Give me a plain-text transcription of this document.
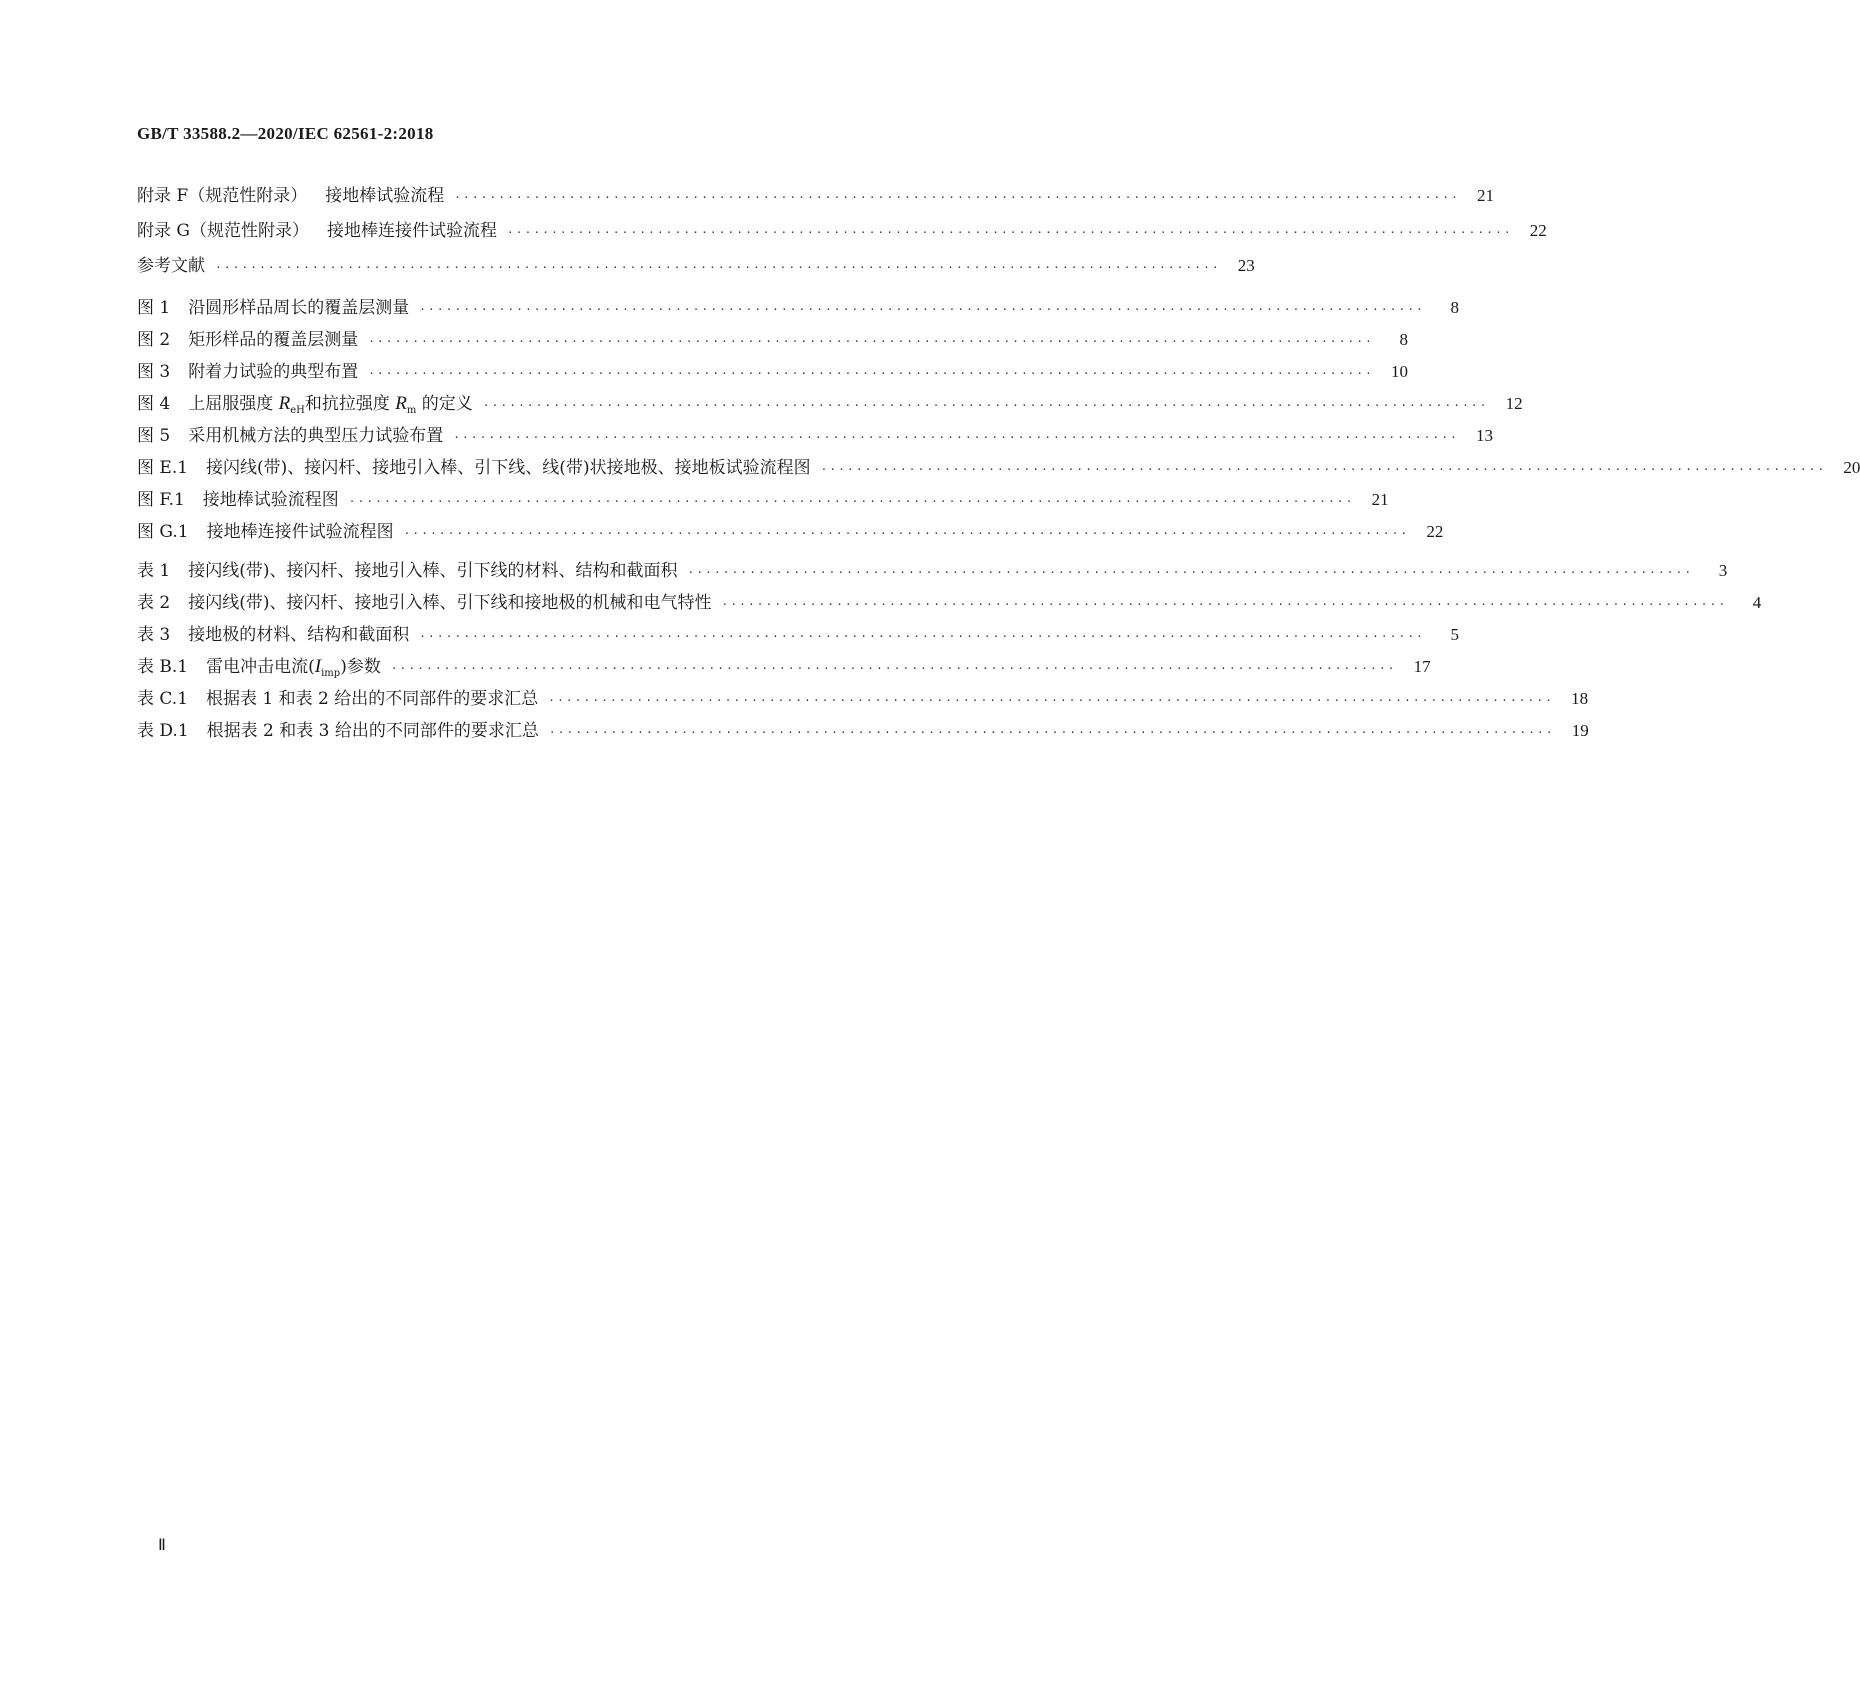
GB/T 33588.2—2020/IEC 62561-2:2018
附录 F（规范性附录） 接地棒试验流程 ··················································································································	21
附录 G（规范性附录） 接地棒连接件试验流程 ··················································································································	22
参考文献 ··················································································································	23
图 1 沿圆形样品周长的覆盖层测量 ··················································································································	8
图 2 矩形样品的覆盖层测量 ··················································································································	8
图 3 附着力试验的典型布置 ··················································································································	10
图 4 上屈服强度 $R_{eH}$和抗拉强度 $R_m$ 的定义 ··················································································································	12
图 5 采用机械方法的典型压力试验布置 ··················································································································	13
图 E.1 接闪线(带)、接闪杆、接地引入棒、引下线、线(带)状接地极、接地板试验流程图 ··················································································································	20
图 F.1 接地棒试验流程图 ··················································································································	21
图 G.1 接地棒连接件试验流程图 ··················································································································	22
表 1 接闪线(带)、接闪杆、接地引入棒、引下线的材料、结构和截面积 ··················································································································	3
表 2 接闪线(带)、接闪杆、接地引入棒、引下线和接地极的机械和电气特性 ··················································································································	4
表 3 接地极的材料、结构和截面积 ··················································································································	5
表 B.1 雷电冲击电流$(I_{imp})$参数 ··················································································································	17
表 C.1 根据表 1 和表 2 给出的不同部件的要求汇总 ··················································································································	18
表 D.1 根据表 2 和表 3 给出的不同部件的要求汇总 ··················································································································	19
Ⅱ
